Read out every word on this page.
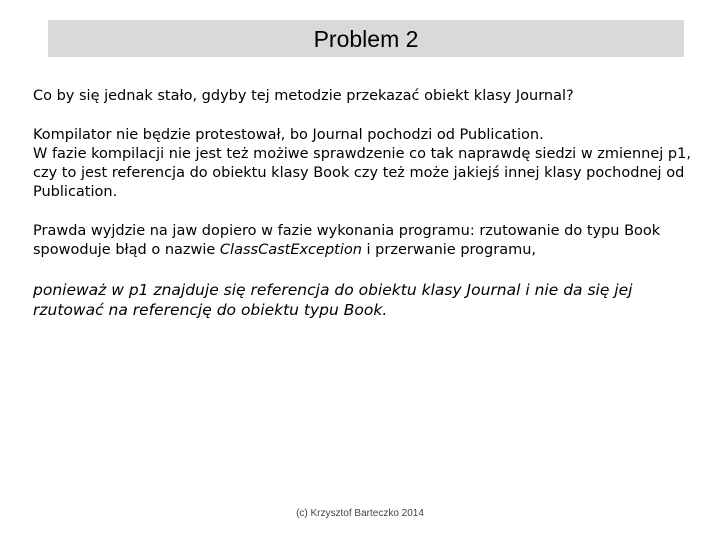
Problem 2
Co by się jednak stało, gdyby tej metodzie przekazać obiekt klasy Journal?
Kompilator nie będzie protestował, bo Journal pochodzi od Publication.
W fazie kompilacji nie jest też możiwe sprawdzenie co tak naprawdę siedzi w zmiennej p1, czy to jest referencja do obiektu klasy Book czy też może jakiejś innej klasy pochodnej od Publication.
Prawda wyjdzie na jaw dopiero w fazie wykonania programu: rzutowanie do typu Book spowoduje błąd o nazwie ClassCastException i przerwanie programu,
ponieważ w p1 znajduje się referencja do obiektu klasy Journal i nie da się jej rzutować na referencję do obiektu typu Book.
(c) Krzysztof Barteczko 2014
